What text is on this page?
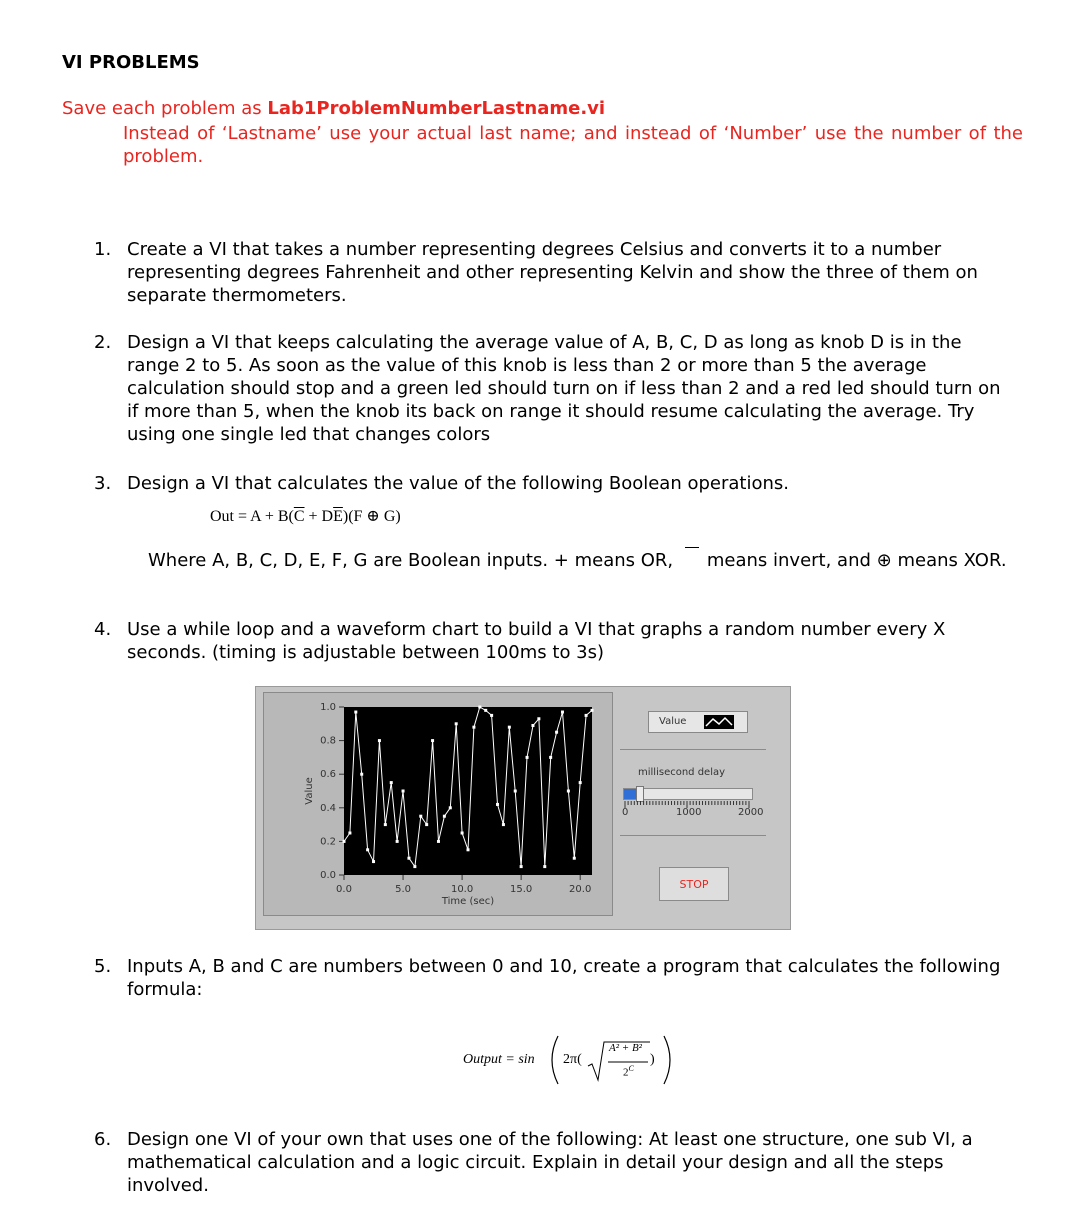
VI PROBLEMS
Save each problem as Lab1ProblemNumberLastname.vi
Instead of ‘Lastname’ use your actual last name; and instead of ‘Number’ use the number of the problem.
1. Create a VI that takes a number representing degrees Celsius and converts it to a number representing degrees Fahrenheit and other representing Kelvin and show the three of them on separate thermometers.
2. Design a VI that keeps calculating the average value of A, B, C, D as long as knob D is in the range 2 to 5. As soon as the value of this knob is less than 2 or more than 5 the average calculation should stop and a green led should turn on if less than 2 and a red led should turn on if more than 5, when the knob its back on range it should resume calculating the average. Try using one single led that changes colors
3. Design a VI that calculates the value of the following Boolean operations.
Out = $A + B(\overline{C} + D\overline{E})(F$ ⊕ G)
Where A, B, C, D, E, F, G are Boolean inputs. + means OR, means invert, and ⊕ means XOR.
4. Use a while loop and a waveform chart to build a VI that graphs a random number every X seconds. (timing is adjustable between 100ms to 3s)
0.0
0.2
0.4
0.6
0.8
1.0
0.0	5.0	10.0	15.0	20.0
Time (sec)
Value
Value
millisecond delay
0	1000	2000
STOP
5. Inputs A, B and C are numbers between 0 and 10, create a program that calculates the following formula:
Output = sin 2π(
A² + B²
$2^C$
)
6. Design one VI of your own that uses one of the following: At least one structure, one sub VI, a mathematical calculation and a logic circuit. Explain in detail your design and all the steps involved.
